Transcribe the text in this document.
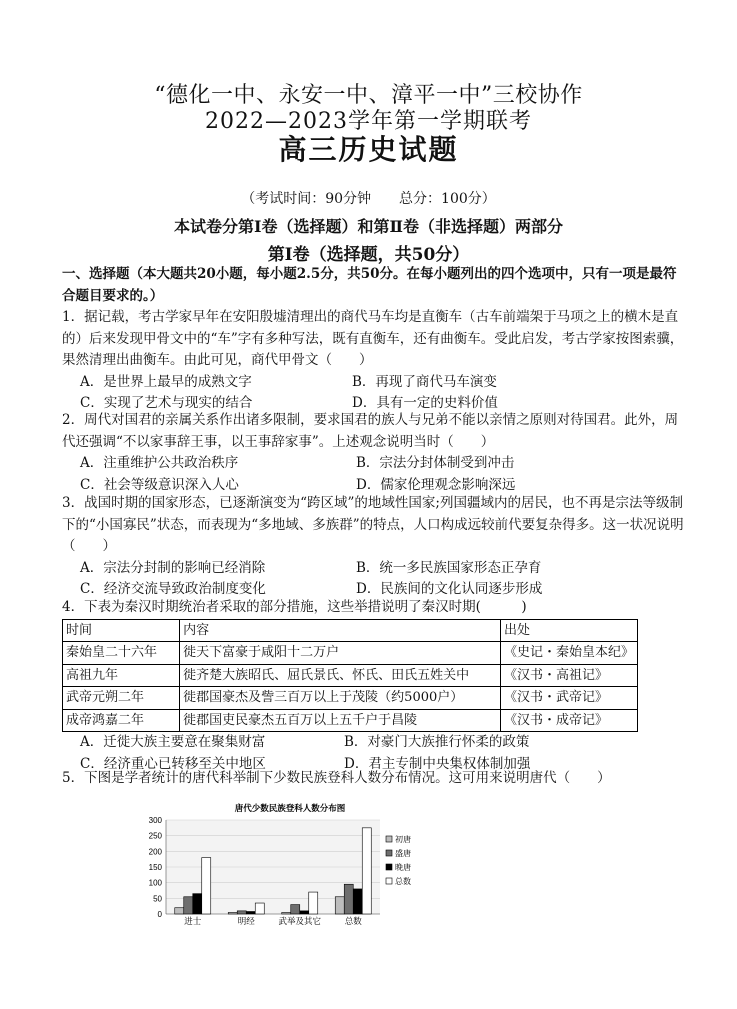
“德化一中、永安一中、漳平一中”三校协作
2022—2023学年第一学期联考
高三历史试题
（考试时间：90分钟 总分：100分）
本试卷分第Ⅰ卷（选择题）和第Ⅱ卷（非选择题）两部分
第Ⅰ卷（选择题，共50分）

一、选择题（本大题共20小题，每小题2.5分，共50分。在每小题列出的四个选项中，只有一项是最符合题目要求的。）

1．据记载，考古学家早年在安阳殷墟清理出的商代马车均是直衡车（古车前端架于马项之上的横木是直的）后来发现甲骨文中的“车”字有多种写法，既有直衡车，还有曲衡车。受此启发，考古学家按图索骥，果然清理出曲衡车。由此可见，商代甲骨文（　　）

A．是世界上最早的成熟文字	B．再现了商代马车演变
C．实现了艺术与现实的结合	D．具有一定的史料价值

2．周代对国君的亲属关系作出诸多限制，要求国君的族人与兄弟不能以亲情之原则对待国君。此外，周代还强调“不以家事辞王事，以王事辞家事”。上述观念说明当时（　　）

A．注重维护公共政治秩序	B．宗法分封体制受到冲击
C．社会等级意识深入人心	D．儒家伦理观念影响深远

3．战国时期的国家形态，已逐渐演变为“跨区域”的地域性国家;列国疆域内的居民，也不再是宗法等级制下的“小国寡民”状态，而表现为“多地域、多族群”的特点，人口构成远较前代要复杂得多。这一状况说明（　　）

A．宗法分封制的影响已经消除	B．统一多民族国家形态正孕育
C．经济交流导致政治制度变化	D．民族间的文化认同逐步形成

4．下表为秦汉时期统治者采取的部分措施，这些举措说明了秦汉时期(　　　)

时间	内容	出处
秦始皇二十六年	徙天下富豪于咸阳十二万户	《史记・秦始皇本纪》
高祖九年	徙齐楚大族昭氏、屈氏景氏、怀氏、田氏五姓关中	《汉书・高祖记》
武帝元朔二年	徙郡国豪杰及訾三百万以上于茂陵（约5000户）	《汉书・武帝记》
成帝鸿嘉二年	徙郡国吏民豪杰五百万以上五千户于昌陵	《汉书・成帝记》
A．迁徙大族主要意在聚集财富	B．对豪门大族推行怀柔的政策
C．经济重心已转移至关中地区	D．君主专制中央集权体制加强

5．下图是学者统计的唐代科举制下少数民族登科人数分布情况。这可用来说明唐代（　　）

唐代少数民族登科人数分布图
0
50
100
150
200
250
300
进士	明经	武举及其它	总数
初唐
盛唐
晚唐
总数
